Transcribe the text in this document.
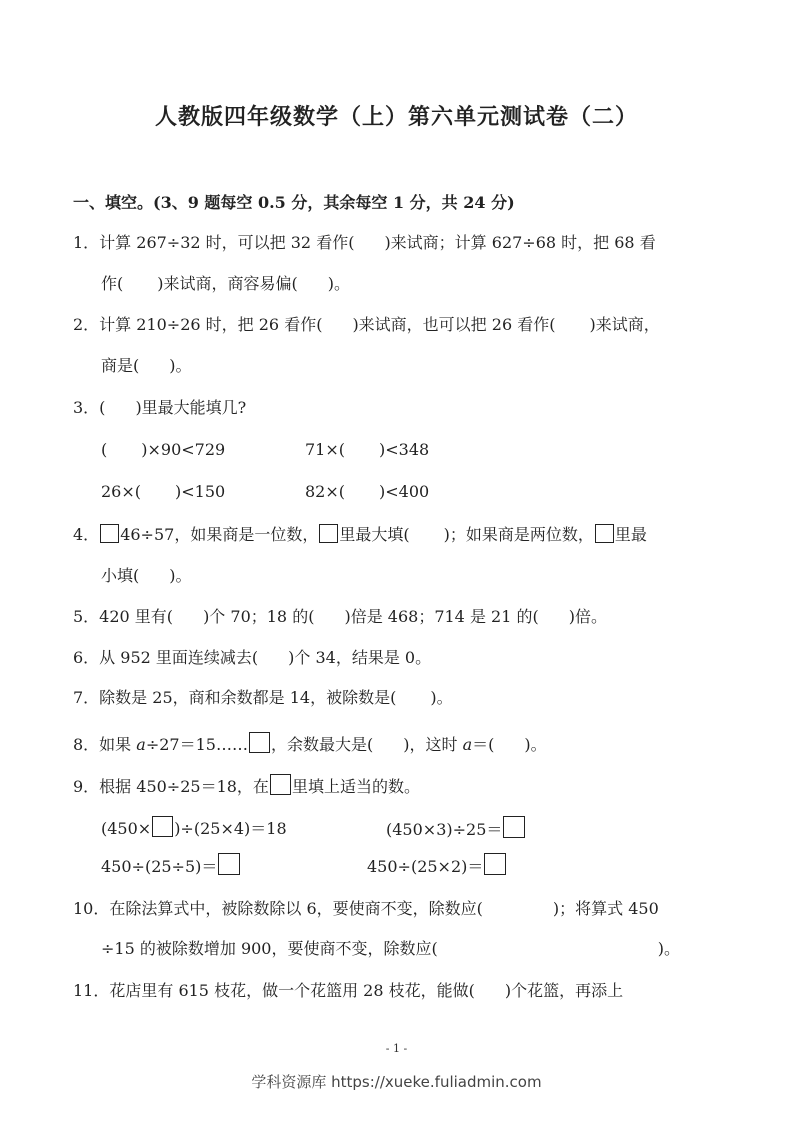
人教版四年级数学（上）第六单元测试卷（二）
一、填空。(3、9 题每空 0.5 分，其余每空 1 分，共 24 分)
1．计算 267÷32 时，可以把 32 看作( )来试商；计算 627÷68 时，把 68 看
作( )来试商，商容易偏( )。
2．计算 210÷26 时，把 26 看作( )来试商，也可以把 26 看作( )来试商，
商是( )。
3．( )里最大能填几?
( )×90<729	71×( )<348
26×( )<150	82×( )<400
4． 46÷57，如果商是一位数， 里最大填( )；如果商是两位数， 里最
小填( )。
5．420 里有( )个 70；18 的( )倍是 468；714 是 21 的( )倍。
6．从 952 里面连续减去( )个 34，结果是 0。
7．除数是 25，商和余数都是 14，被除数是( )。
8．如果 a÷27＝15…… ，余数最大是( )，这时 a＝( )。
9．根据 450÷25＝18，在 里填上适当的数。
(450× )÷(25×4)＝18	(450×3)÷25＝
450÷(25÷5)＝	450÷(25×2)＝
10．在除法算式中，被除数除以 6，要使商不变，除数应(	)；将算式 450
÷15 的被除数增加 900，要使商不变，除数应(	)。
11．花店里有 615 枝花，做一个花篮用 28 枝花，能做( )个花篮，再添上
- 1 -
学科资源库 https://xueke.fuliadmin.com
